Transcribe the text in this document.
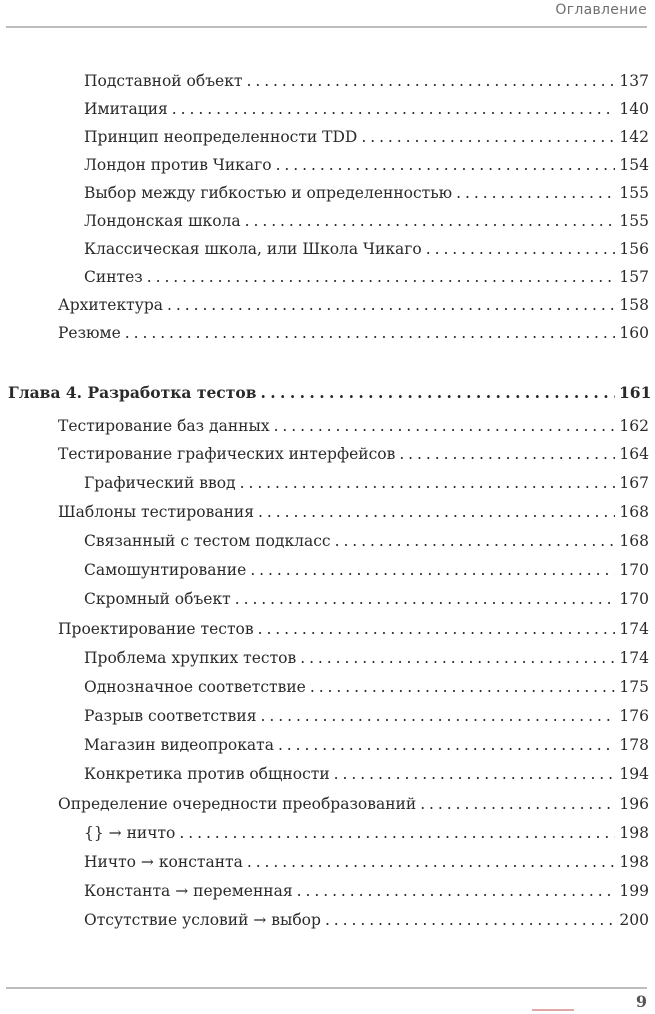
Оглавление
Подставной объект . . .	137
Имитация . . .	140
Принцип неопределенности TDD . . .	142
Лондон против Чикаго . . .	154
Выбор между гибкостью и определенностью . . .	155
Лондонская школа . . .	155
Классическая школа, или Школа Чикаго . . .	156
Синтез . . .	157
Архитектура . . .	158
Резюме . . .	160
Глава 4. Разработка тестов . . .	161
Тестирование баз данных . . .	162
Тестирование графических интерфейсов . . .	164
Графический ввод . . .	167
Шаблоны тестирования . . .	168
Связанный с тестом подкласс . . .	168
Самошунтирование . . .	170
Скромный объект . . .	170
Проектирование тестов . . .	174
Проблема хрупких тестов . . .	174
Однозначное соответствие . . .	175
Разрыв соответствия . . .	176
Магазин видеопроката . . .	178
Конкретика против общности . . .	194
Определение очередности преобразований . . .	196
{} → ничто . . .	198
Ничто → константа . . .	198
Константа → переменная . . .	199
Отсутствие условий → выбор . . .	200
9
